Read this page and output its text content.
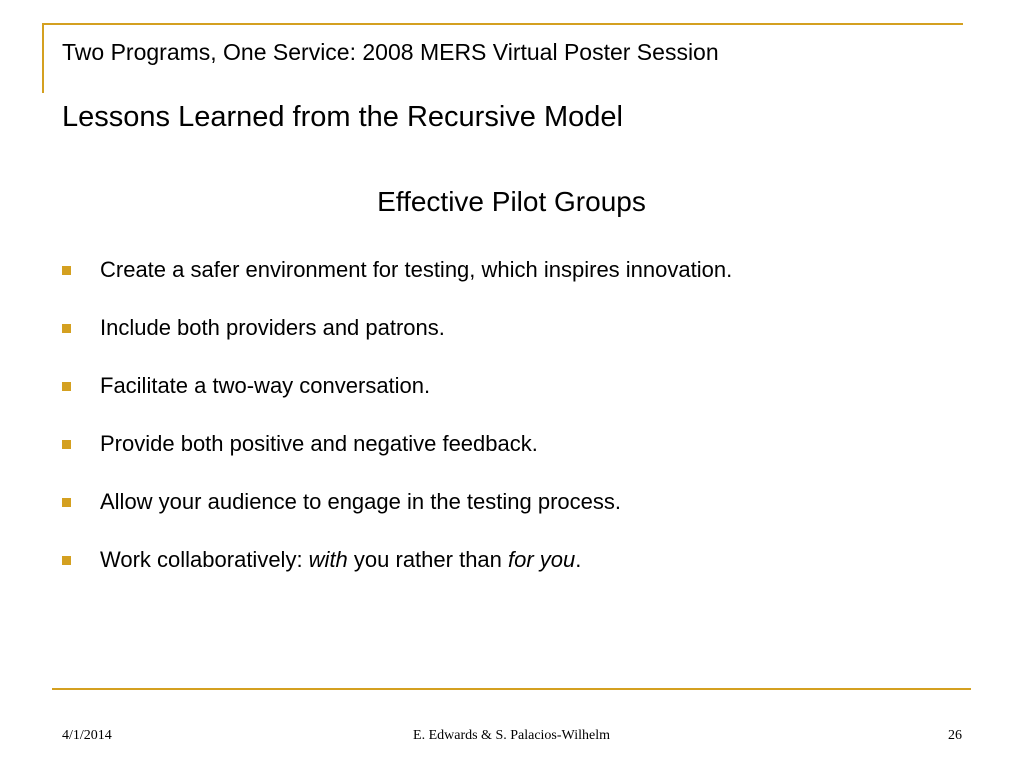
Two Programs, One Service: 2008 MERS Virtual Poster Session
Lessons Learned from the Recursive Model
Effective Pilot Groups
Create a safer environment for testing, which inspires innovation.
Include both providers and patrons.
Facilitate a two-way conversation.
Provide both positive and negative feedback.
Allow your audience to engage in the testing process.
Work collaboratively: with you rather than for you.
4/1/2014	E. Edwards & S. Palacios-Wilhelm	26
